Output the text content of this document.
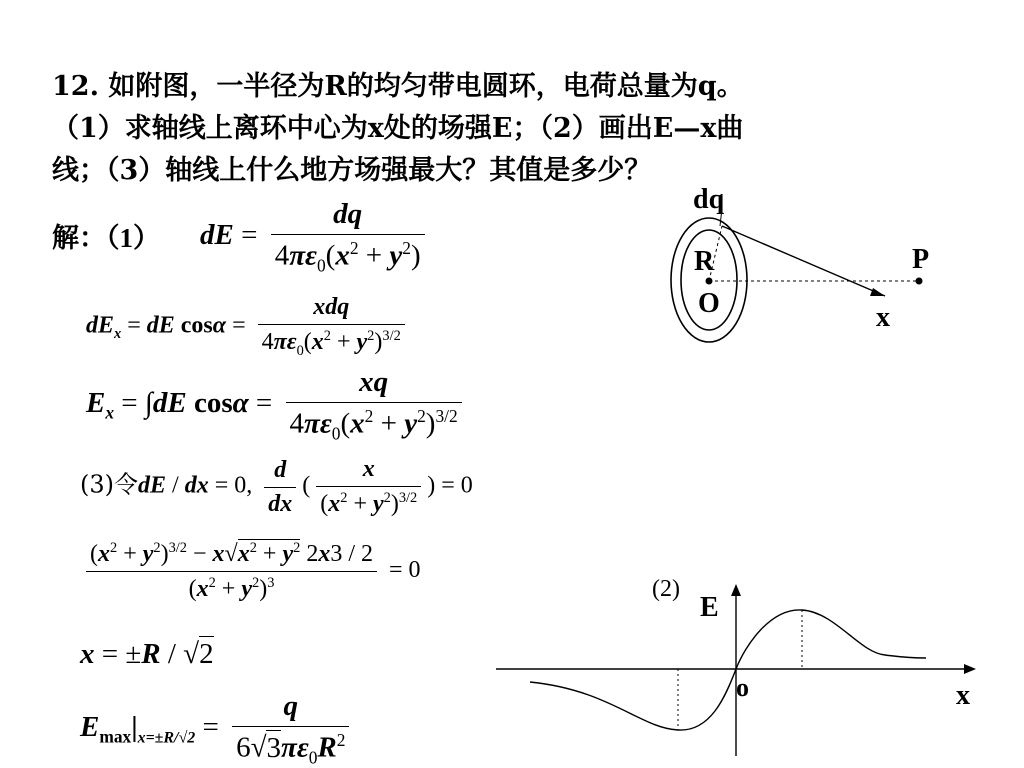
12. 如附图，一半径为R的均匀带电圆环，电荷总量为q。
（1）求轴线上离环中心为x处的场强E；（2）画出E—x曲
线；（3）轴线上什么地方场强最大？其值是多少？
解：（1） dE = $\frac{dq}{4\pi\varepsilon_0(x^2 + y^2)}$
$dE_x$ = dE $\cos\alpha = \frac{\text{xdq}}{4\pi\varepsilon_0(x^2 + y^2)^{3/2}}$
$E_x = \int dE$ $\cos\alpha = \frac{xq}{4\pi\varepsilon_0(x^2 + y^2)^{3/2}}$
(3)令dE / dx = 0, $\frac{d}{dx}$ ( $\frac{x}{(x^2 + y^2)^{3/2}}$ ) = 0
$\frac{(x^2 + y^2)^{3/2} - x√x^2 + y^2 2x3 / 2}{(x^2 + y^2)^3} = 0$
(2)
x = ±R / √2
$E_{max}|_{x=\pm R/√2} = \frac{q}{6√3\pi\varepsilon_0R^2}$
dq
R
O
P
x
E
o	x
